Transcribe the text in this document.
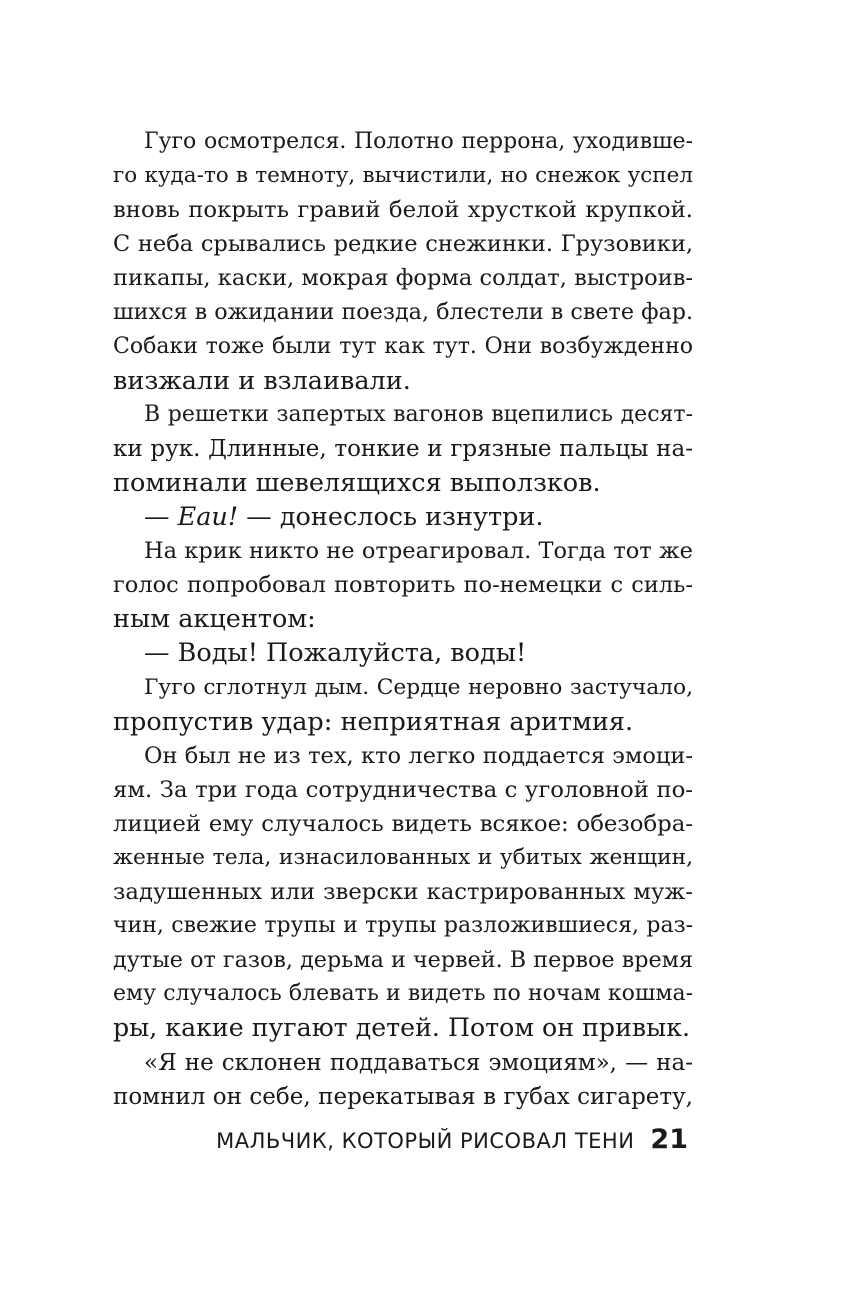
Гуго осмотрелся. Полотно перрона, уходивше-
го куда-то в темноту, вычистили, но снежок успел
вновь покрыть гравий белой хрусткой крупкой.
С неба срывались редкие снежинки. Грузовики,
пикапы, каски, мокрая форма солдат, выстроив-
шихся в ожидании поезда, блестели в свете фар.
Собаки тоже были тут как тут. Они возбужденно
визжали и взлаивали.
В решетки запертых вагонов вцепились десят-
ки рук. Длинные, тонкие и грязные пальцы на-
поминали шевелящихся выползков.
— Eau! — донеслось изнутри.
На крик никто не отреагировал. Тогда тот же
голос попробовал повторить по-немецки с силь-
ным акцентом:
— Воды! Пожалуйста, воды!
Гуго сглотнул дым. Сердце неровно застучало,
пропустив удар: неприятная аритмия.
Он был не из тех, кто легко поддается эмоци-
ям. За три года сотрудничества с уголовной по-
лицией ему случалось видеть всякое: обезобра-
женные тела, изнасилованных и убитых женщин,
задушенных или зверски кастрированных муж-
чин, свежие трупы и трупы разложившиеся, раз-
дутые от газов, дерьма и червей. В первое время
ему случалось блевать и видеть по ночам кошма-
ры, какие пугают детей. Потом он привык.
«Я не склонен поддаваться эмоциям», — на-
помнил он себе, перекатывая в губах сигарету,
МАЛЬЧИК, КОТОРЫЙ РИСОВАЛ ТЕНИ 21
